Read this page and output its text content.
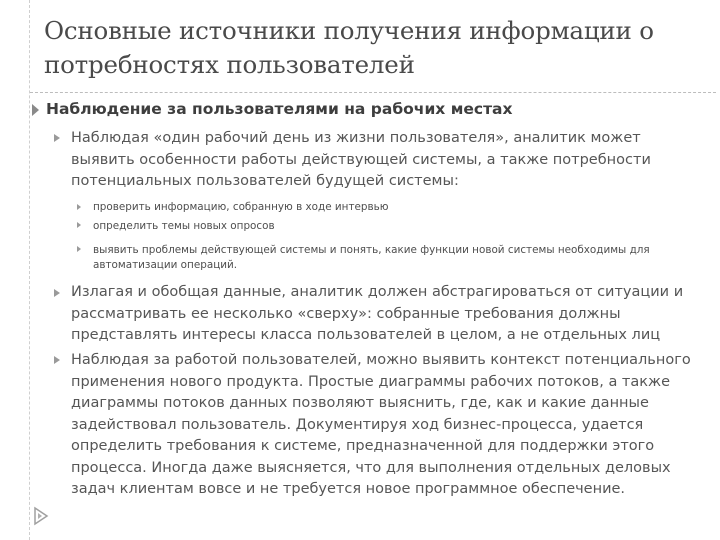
Основные источники получения информации о
потребностях пользователей
Наблюдение за пользователями на рабочих местах
Наблюдая «один рабочий день из жизни пользователя», аналитик может
выявить особенности работы действующей системы, а также потребности
потенциальных пользователей будущей системы:
проверить информацию, собранную в ходе интервью
определить темы новых опросов
выявить проблемы действующей системы и понять, какие функции новой системы необходимы для
автоматизации операций.
Излагая и обобщая данные, аналитик должен абстрагироваться от ситуации и
рассматривать ее несколько «сверху»: собранные требования должны
представлять интересы класса пользователей в целом, а не отдельных лиц
Наблюдая за работой пользователей, можно выявить контекст потенциального
применения нового продукта. Простые диаграммы рабочих потоков, а также
диаграммы потоков данных позволяют выяснить, где, как и какие данные
задействовал пользователь. Документируя ход бизнес-процесса, удается
определить требования к системе, предназначенной для поддержки этого
процесса. Иногда даже выясняется, что для выполнения отдельных деловых
задач клиентам вовсе и не требуется новое программное обеспечение.
